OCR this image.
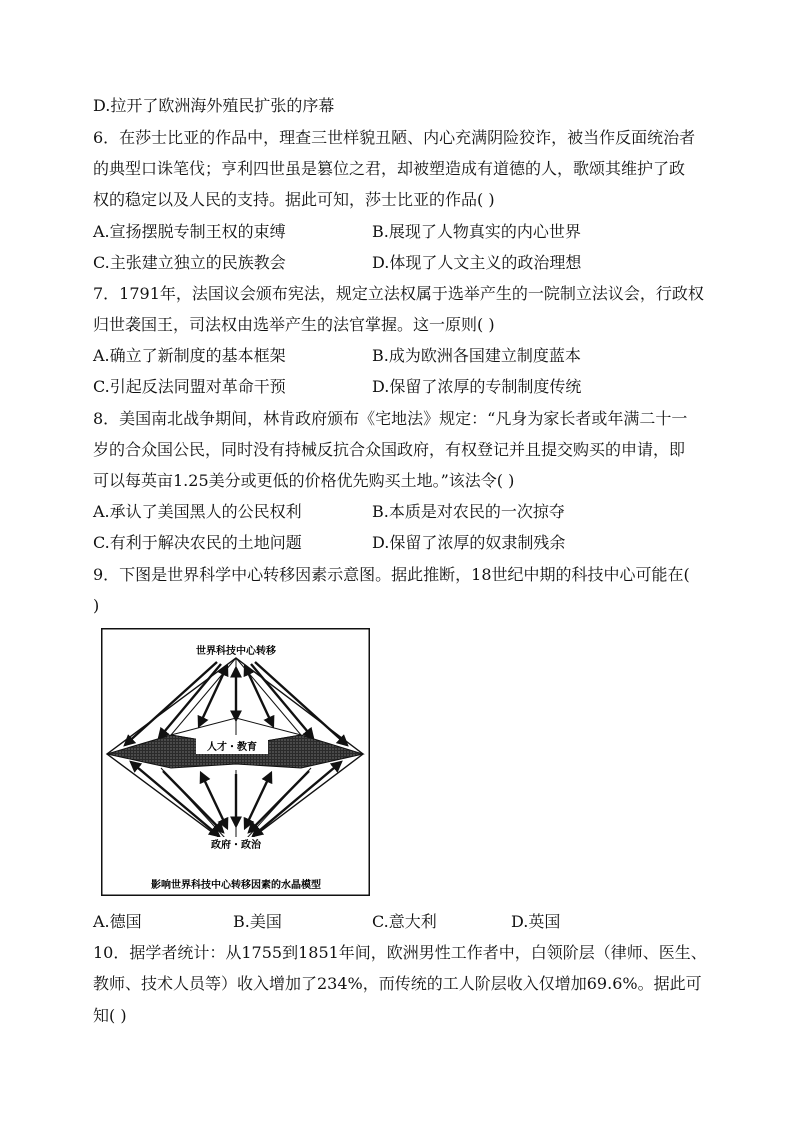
D.拉开了欧洲海外殖民扩张的序幕
6．在莎士比亚的作品中，理查三世样貌丑陋、内心充满阴险狡诈，被当作反面统治者
的典型口诛笔伐；亨利四世虽是篡位之君，却被塑造成有道德的人，歌颂其维护了政
权的稳定以及人民的支持。据此可知，莎士比亚的作品( )
A.宣扬摆脱专制王权的束缚	B.展现了人物真实的内心世界
C.主张建立独立的民族教会	D.体现了人文主义的政治理想
7．1791年，法国议会颁布宪法，规定立法权属于选举产生的一院制立法议会，行政权
归世袭国王，司法权由选举产生的法官掌握。这一原则( )
A.确立了新制度的基本框架	B.成为欧洲各国建立制度蓝本
C.引起反法同盟对革命干预	D.保留了浓厚的专制制度传统
8．美国南北战争期间，林肯政府颁布《宅地法》规定：“凡身为家长者或年满二十一
岁的合众国公民，同时没有持械反抗合众国政府，有权登记并且提交购买的申请，即
可以每英亩1.25美分或更低的价格优先购买土地。”该法令( )
A.承认了美国黑人的公民权利	B.本质是对农民的一次掠夺
C.有利于解决农民的土地问题	D.保留了浓厚的奴隶制残余
9．下图是世界科学中心转移因素示意图。据此推断，18世纪中期的科技中心可能在(
)
世界科技中心转移
人才・教育
政府・政治
影响世界科技中心转移因素的水晶模型
A.德国	B.美国	C.意大利	D.英国
10．据学者统计：从1755到1851年间，欧洲男性工作者中，白领阶层（律师、医生、
教师、技术人员等）收入增加了234%，而传统的工人阶层收入仅增加69.6%。据此可
知( )
